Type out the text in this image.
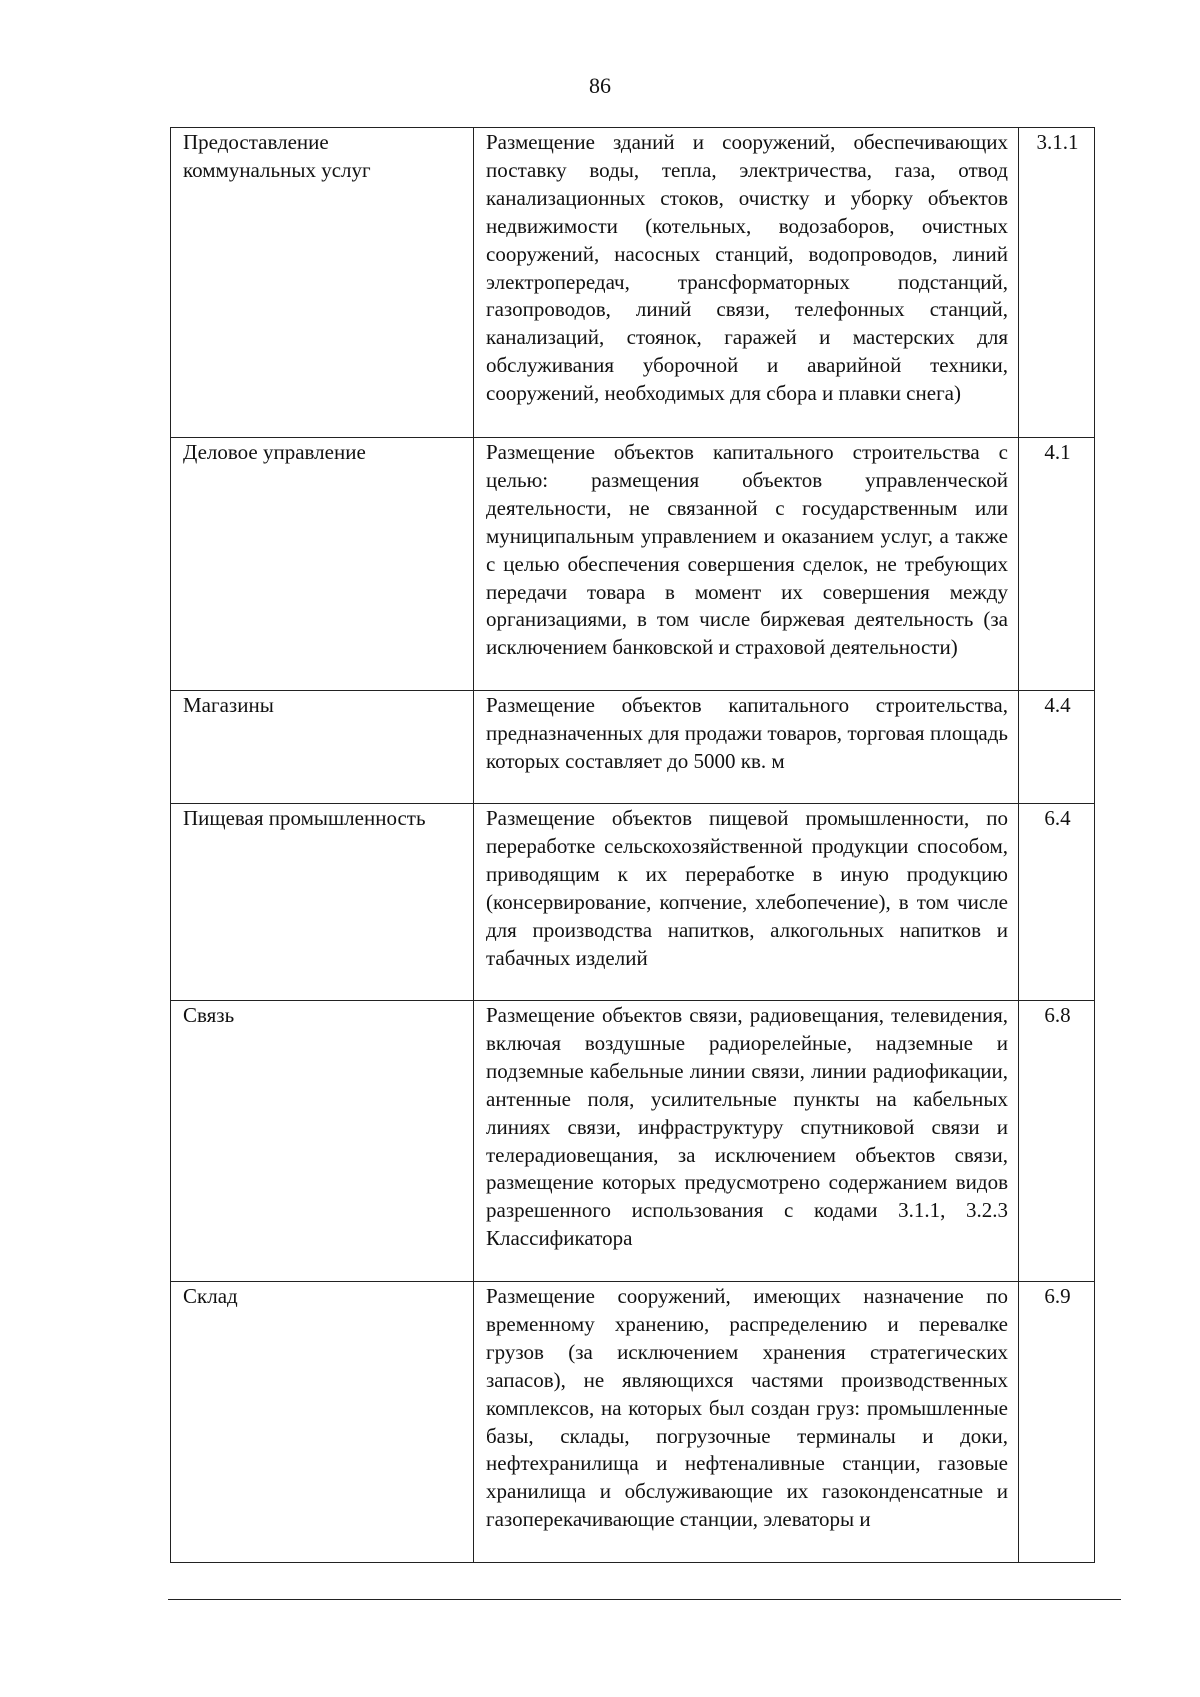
86
Предоставление коммунальных услуг	Размещение зданий и сооружений, обеспечивающих поставку воды, тепла, электричества, газа, отвод канализационных стоков, очистку и уборку объектов недвижимости (котельных, водозаборов, очистных сооружений, насосных станций, водопроводов, линий электропередач, трансформаторных подстанций, газопроводов, линий связи, телефонных станций, канализаций, стоянок, гаражей и мастерских для обслуживания уборочной и аварийной техники, сооружений, необходимых для сбора и плавки снега)	3.1.1
Деловое управление	Размещение объектов капитального строительства с целью: размещения объектов управленческой деятельности, не связанной с государственным или муниципальным управлением и оказанием услуг, а также с целью обеспечения совершения сделок, не требующих передачи товара в момент их совершения между организациями, в том числе биржевая деятельность (за исключением банковской и страховой деятельности)	4.1
Магазины	Размещение объектов капитального строительства, предназначенных для продажи товаров, торговая площадь которых составляет до 5000 кв. м	4.4
Пищевая промышленность	Размещение объектов пищевой промышленности, по переработке сельскохозяйственной продукции способом, приводящим к их переработке в иную продукцию (консервирование, копчение, хлебопечение), в том числе для производства напитков, алкогольных напитков и табачных изделий	6.4
Связь	Размещение объектов связи, радиовещания, телевидения, включая воздушные радиорелейные, надземные и подземные кабельные линии связи, линии радиофикации, антенные поля, усилительные пункты на кабельных линиях связи, инфраструктуру спутниковой связи и телерадиовещания, за исключением объектов связи, размещение которых предусмотрено содержанием видов разрешенного использования с кодами 3.1.1, 3.2.3 Классификатора	6.8
Склад	Размещение сооружений, имеющих назначение по временному хранению, распределению и перевалке грузов (за исключением хранения стратегических запасов), не являющихся частями производственных комплексов, на которых был создан груз: промышленные базы, склады, погрузочные терминалы и доки, нефтехранилища и нефтеналивные станции, газовые хранилища и обслуживающие их газоконденсатные и газоперекачивающие станции, элеваторы и	6.9
